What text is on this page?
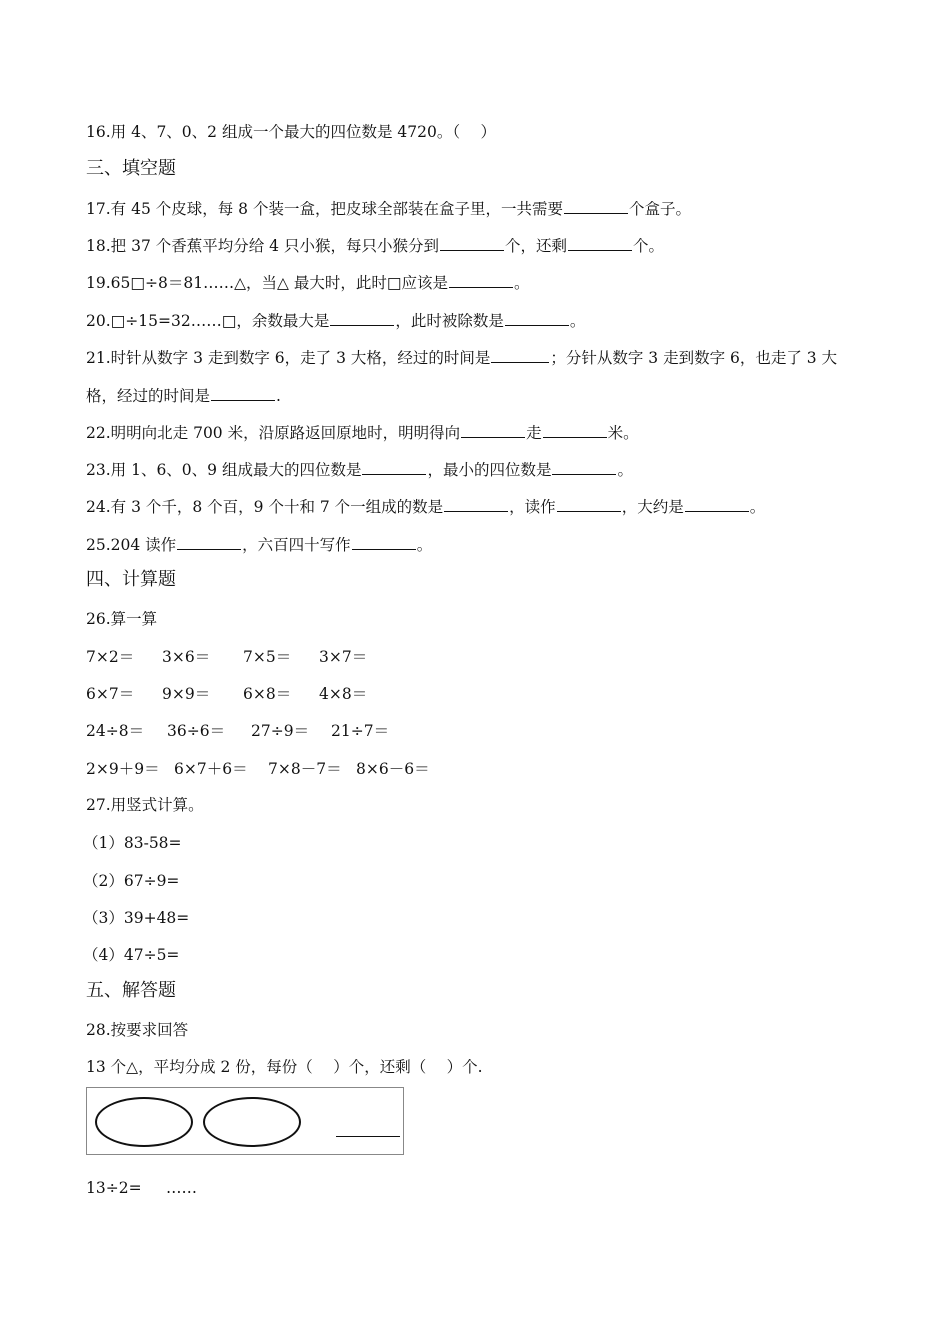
16.用 4、7、0、2 组成一个最大的四位数是 4720。（　 ）
三、填空题
17.有 45 个皮球，每 8 个装一盒，把皮球全部装在盒子里，一共需要	个盒子。
18.把 37 个香蕉平均分给 4 只小猴，每只小猴分到	个，还剩	个。
19.65□÷8＝81……△，当△ 最大时，此时□应该是	。
20.□÷15=32……□，余数最大是	，此时被除数是	。
21.时针从数字 3 走到数字 6，走了 3 大格，经过的时间是	；分针从数字 3 走到数字 6，也走了 3 大
格，经过的时间是	.
22.明明向北走 700 米，沿原路返回原地时，明明得向	走	米。
23.用 1、6、0、9 组成最大的四位数是	，最小的四位数是	。
24.有 3 个千，8 个百，9 个十和 7 个一组成的数是	，读作	，大约是	。
25.204 读作	，六百四十写作	。
四、计算题
26.算一算
7×2＝ 3×6＝ 7×5＝ 3×7＝
6×7＝ 9×9＝ 6×8＝ 4×8＝
24÷8＝ 36÷6＝ 27÷9＝ 21÷7＝
2×9＋9＝ 6×7＋6＝ 7×8－7＝ 8×6－6＝
27.用竖式计算。
（1）83-58=
（2）67÷9=
（3）39+48=
（4）47÷5=
五、解答题
28.按要求回答
13 个△，平均分成 2 份，每份（　 ）个，还剩（　 ）个.
13÷2= ……
